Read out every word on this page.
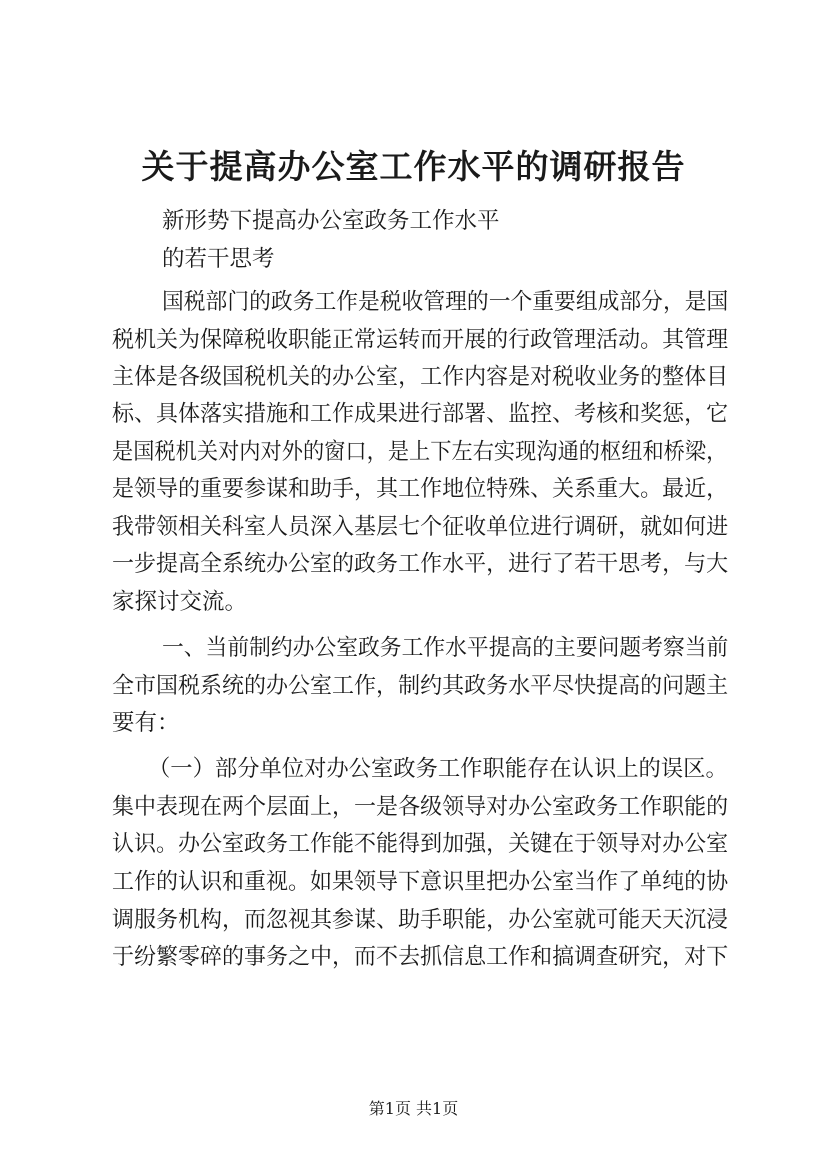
关于提高办公室工作水平的调研报告

新形势下提高办公室政务工作水平

的若干思考

国税部门的政务工作是税收管理的一个重要组成部分，是国

税机关为保障税收职能正常运转而开展的行政管理活动。其管理

主体是各级国税机关的办公室，工作内容是对税收业务的整体目

标、具体落实措施和工作成果进行部署、监控、考核和奖惩，它

是国税机关对内对外的窗口，是上下左右实现沟通的枢纽和桥梁，

是领导的重要参谋和助手，其工作地位特殊、关系重大。最近，

我带领相关科室人员深入基层七个征收单位进行调研，就如何进

一步提高全系统办公室的政务工作水平，进行了若干思考，与大

家探讨交流。

一、当前制约办公室政务工作水平提高的主要问题考察当前

全市国税系统的办公室工作，制约其政务水平尽快提高的问题主

要有：

（一）部分单位对办公室政务工作职能存在认识上的误区。

集中表现在两个层面上，一是各级领导对办公室政务工作职能的

认识。办公室政务工作能不能得到加强，关键在于领导对办公室

工作的认识和重视。如果领导下意识里把办公室当作了单纯的协

调服务机构，而忽视其参谋、助手职能，办公室就可能天天沉浸

于纷繁零碎的事务之中，而不去抓信息工作和搞调查研究，对下

第1页 共1页
